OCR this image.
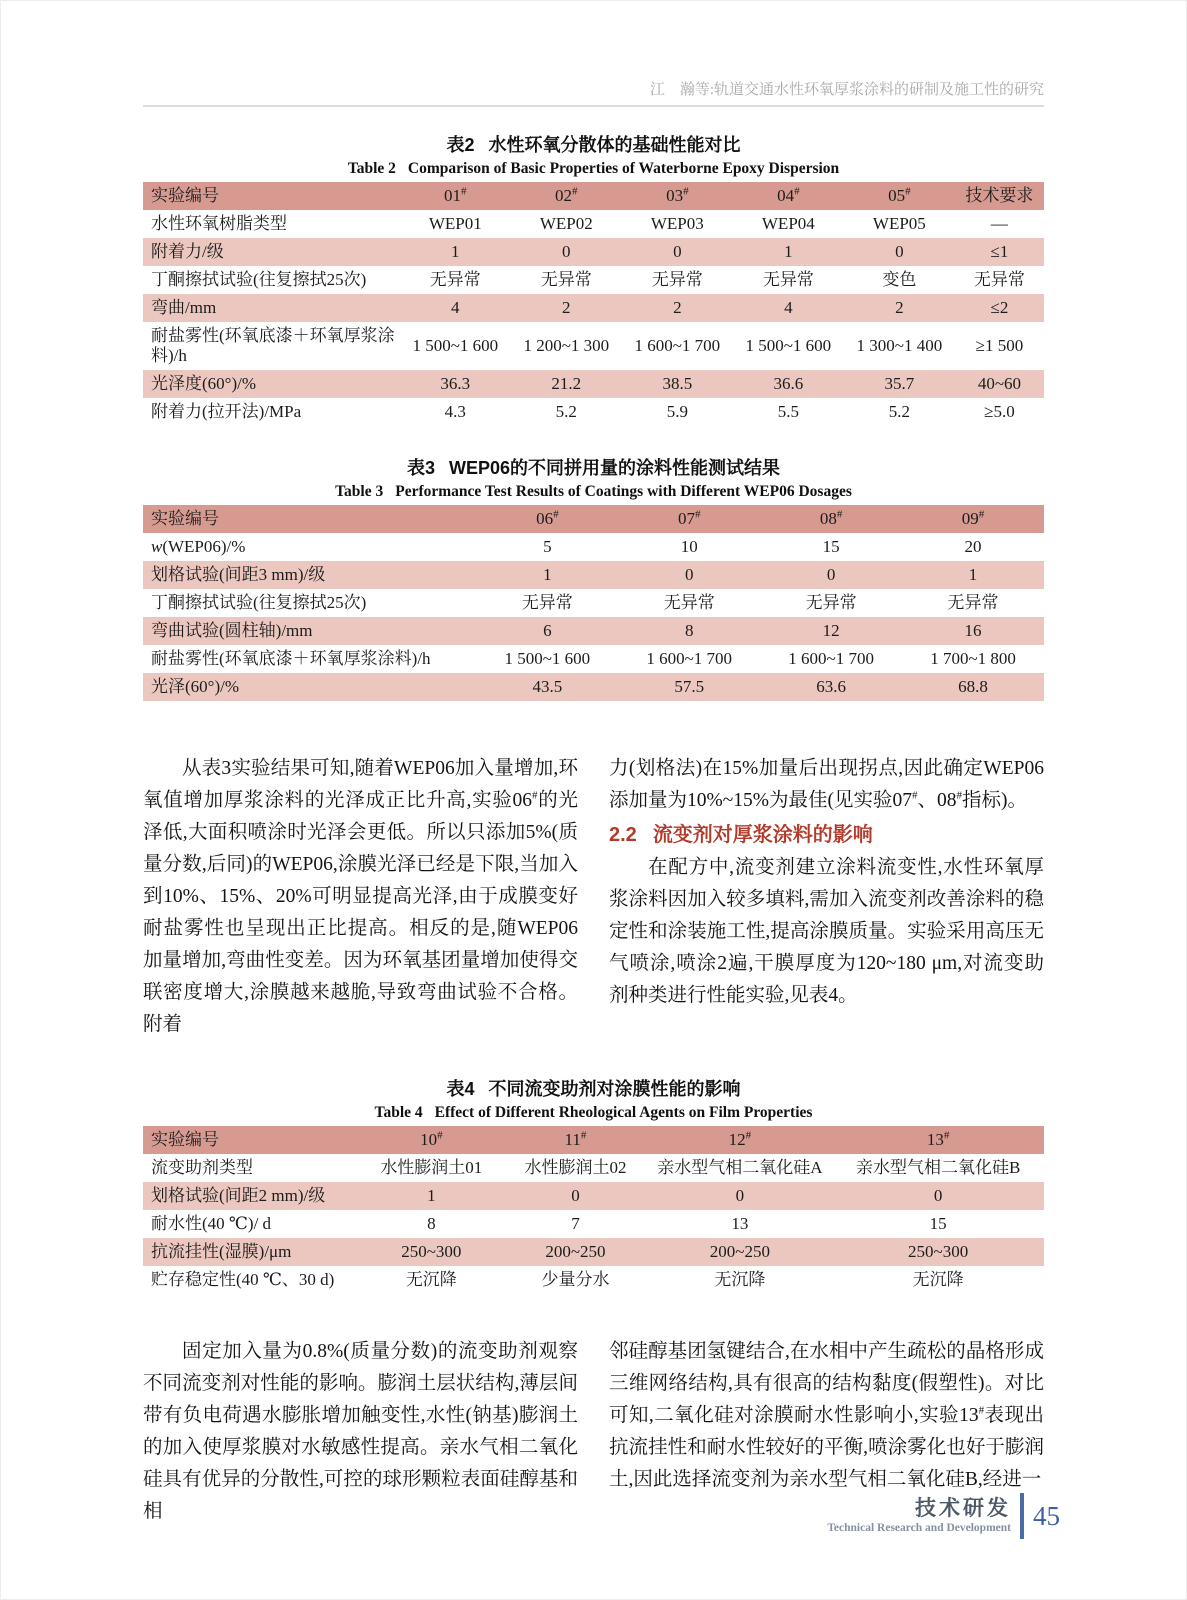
江　瀚等:轨道交通水性环氧厚浆涂料的研制及施工性的研究
表2 水性环氧分散体的基础性能对比
Table 2 Comparison of Basic Properties of Waterborne Epoxy Dispersion
实验编号	01#	02#	03#	04#	05#	技术要求
水性环氧树脂类型	WEP01	WEP02	WEP03	WEP04	WEP05	—
附着力/级	1	0	0	1	0	≤1
丁酮擦拭试验(往复擦拭25次)	无异常	无异常	无异常	无异常	变色	无异常
弯曲/mm	4	2	2	4	2	≤2
耐盐雾性(环氧底漆＋环氧厚浆涂料)/h	1 500~1 600	1 200~1 300	1 600~1 700	1 500~1 600	1 300~1 400	≥1 500
光泽度(60°)/%	36.3	21.2	38.5	36.6	35.7	40~60
附着力(拉开法)/MPa	4.3	5.2	5.9	5.5	5.2	≥5.0
表3 WEP06的不同拼用量的涂料性能测试结果
Table 3 Performance Test Results of Coatings with Different WEP06 Dosages
实验编号	06#	07#	08#	09#
w(WEP06)/%	5	10	15	20
划格试验(间距3 mm)/级	1	0	0	1
丁酮擦拭试验(往复擦拭25次)	无异常	无异常	无异常	无异常
弯曲试验(圆柱轴)/mm	6	8	12	16
耐盐雾性(环氧底漆＋环氧厚浆涂料)/h	1 500~1 600	1 600~1 700	1 600~1 700	1 700~1 800
光泽(60°)/%	43.5	57.5	63.6	68.8

从表3实验结果可知,随着WEP06加入量增加,环氧值增加厚浆涂料的光泽成正比升高,实验06#的光泽低,大面积喷涂时光泽会更低。所以只添加5%(质量分数,后同)的WEP06,涂膜光泽已经是下限,当加入到10%、15%、20%可明显提高光泽,由于成膜变好耐盐雾性也呈现出正比提高。相反的是,随WEP06加量增加,弯曲性变差。因为环氧基团量增加使得交联密度增大,涂膜越来越脆,导致弯曲试验不合格。附着

力(划格法)在15%加量后出现拐点,因此确定WEP06添加量为10%~15%为最佳(见实验07#、08#指标)。

2.2 流变剂对厚浆涂料的影响

在配方中,流变剂建立涂料流变性,水性环氧厚浆涂料因加入较多填料,需加入流变剂改善涂料的稳定性和涂装施工性,提高涂膜质量。实验采用高压无气喷涂,喷涂2遍,干膜厚度为120~180 μm,对流变助剂种类进行性能实验,见表4。

表4 不同流变助剂对涂膜性能的影响
Table 4 Effect of Different Rheological Agents on Film Properties
实验编号	10#	11#	12#	13#
流变助剂类型	水性膨润土01	水性膨润土02	亲水型气相二氧化硅A	亲水型气相二氧化硅B
划格试验(间距2 mm)/级	1	0	0	0
耐水性(40 ℃)/ d	8	7	13	15
抗流挂性(湿膜)/μm	250~300	200~250	200~250	250~300
贮存稳定性(40 ℃、30 d)	无沉降	少量分水	无沉降	无沉降

固定加入量为0.8%(质量分数)的流变助剂观察不同流变剂对性能的影响。膨润土层状结构,薄层间带有负电荷遇水膨胀增加触变性,水性(钠基)膨润土的加入使厚浆膜对水敏感性提高。亲水气相二氧化硅具有优异的分散性,可控的球形颗粒表面硅醇基和相

邻硅醇基团氢键结合,在水相中产生疏松的晶格形成三维网络结构,具有很高的结构黏度(假塑性)。对比可知,二氧化硅对涂膜耐水性影响小,实验13#表现出抗流挂性和耐水性较好的平衡,喷涂雾化也好于膨润土,因此选择流变剂为亲水型气相二氧化硅B,经进一

技术研发
Technical Research and Development 45
